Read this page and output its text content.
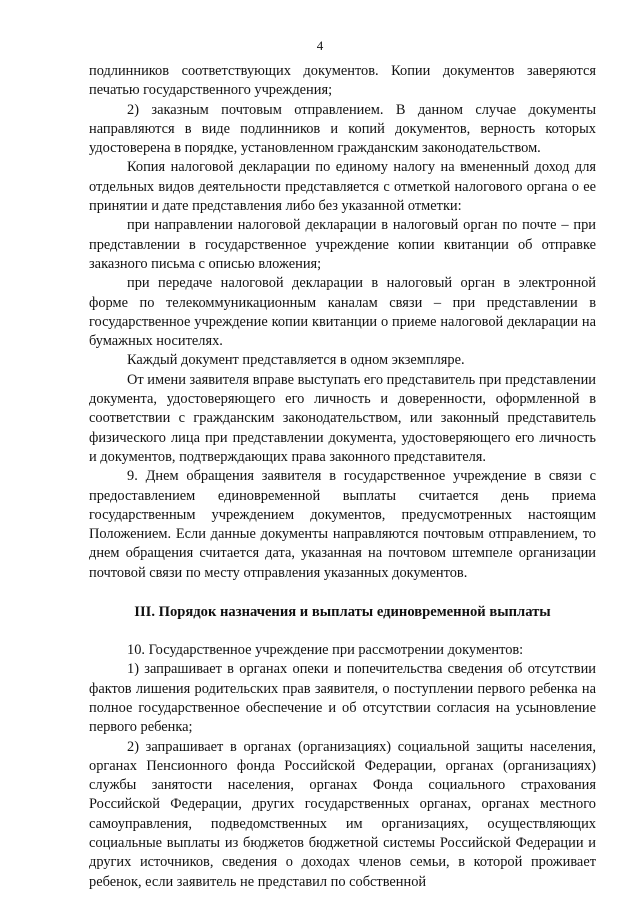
4

подлинников соответствующих документов. Копии документов заверяются печатью государственного учреждения;

2) заказным почтовым отправлением. В данном случае документы направляются в виде подлинников и копий документов, верность которых удостоверена в порядке, установленном гражданским законодательством.

Копия налоговой декларации по единому налогу на вмененный доход для отдельных видов деятельности представляется с отметкой налогового органа о ее принятии и дате представления либо без указанной отметки:

при направлении налоговой декларации в налоговый орган по почте – при представлении в государственное учреждение копии квитанции об отправке заказного письма с описью вложения;

при передаче налоговой декларации в налоговый орган в электронной форме по телекоммуникационным каналам связи – при представлении в государственное учреждение копии квитанции о приеме налоговой декларации на бумажных носителях.

Каждый документ представляется в одном экземпляре.

От имени заявителя вправе выступать его представитель при представлении документа, удостоверяющего его личность и доверенности, оформленной в соответствии с гражданским законодательством, или законный представитель физического лица при представлении документа, удостоверяющего его личность и документов, подтверждающих права законного представителя.

9. Днем обращения заявителя в государственное учреждение в связи с предоставлением единовременной выплаты считается день приема государственным учреждением документов, предусмотренных настоящим Положением. Если данные документы направляются почтовым отправлением, то днем обращения считается дата, указанная на почтовом штемпеле организации почтовой связи по месту отправления указанных документов.

III. Порядок назначения и выплаты единовременной выплаты

10. Государственное учреждение при рассмотрении документов:

1) запрашивает в органах опеки и попечительства сведения об отсутствии фактов лишения родительских прав заявителя, о поступлении первого ребенка на полное государственное обеспечение и об отсутствии согласия на усыновление первого ребенка;

2) запрашивает в органах (организациях) социальной защиты населения, органах Пенсионного фонда Российской Федерации, органах (организациях) службы занятости населения, органах Фонда социального страхования Российской Федерации, других государственных органах, органах местного самоуправления, подведомственных им организациях, осуществляющих социальные выплаты из бюджетов бюджетной системы Российской Федерации и других источников, сведения о доходах членов семьи, в которой проживает ребенок, если заявитель не представил по собственной
